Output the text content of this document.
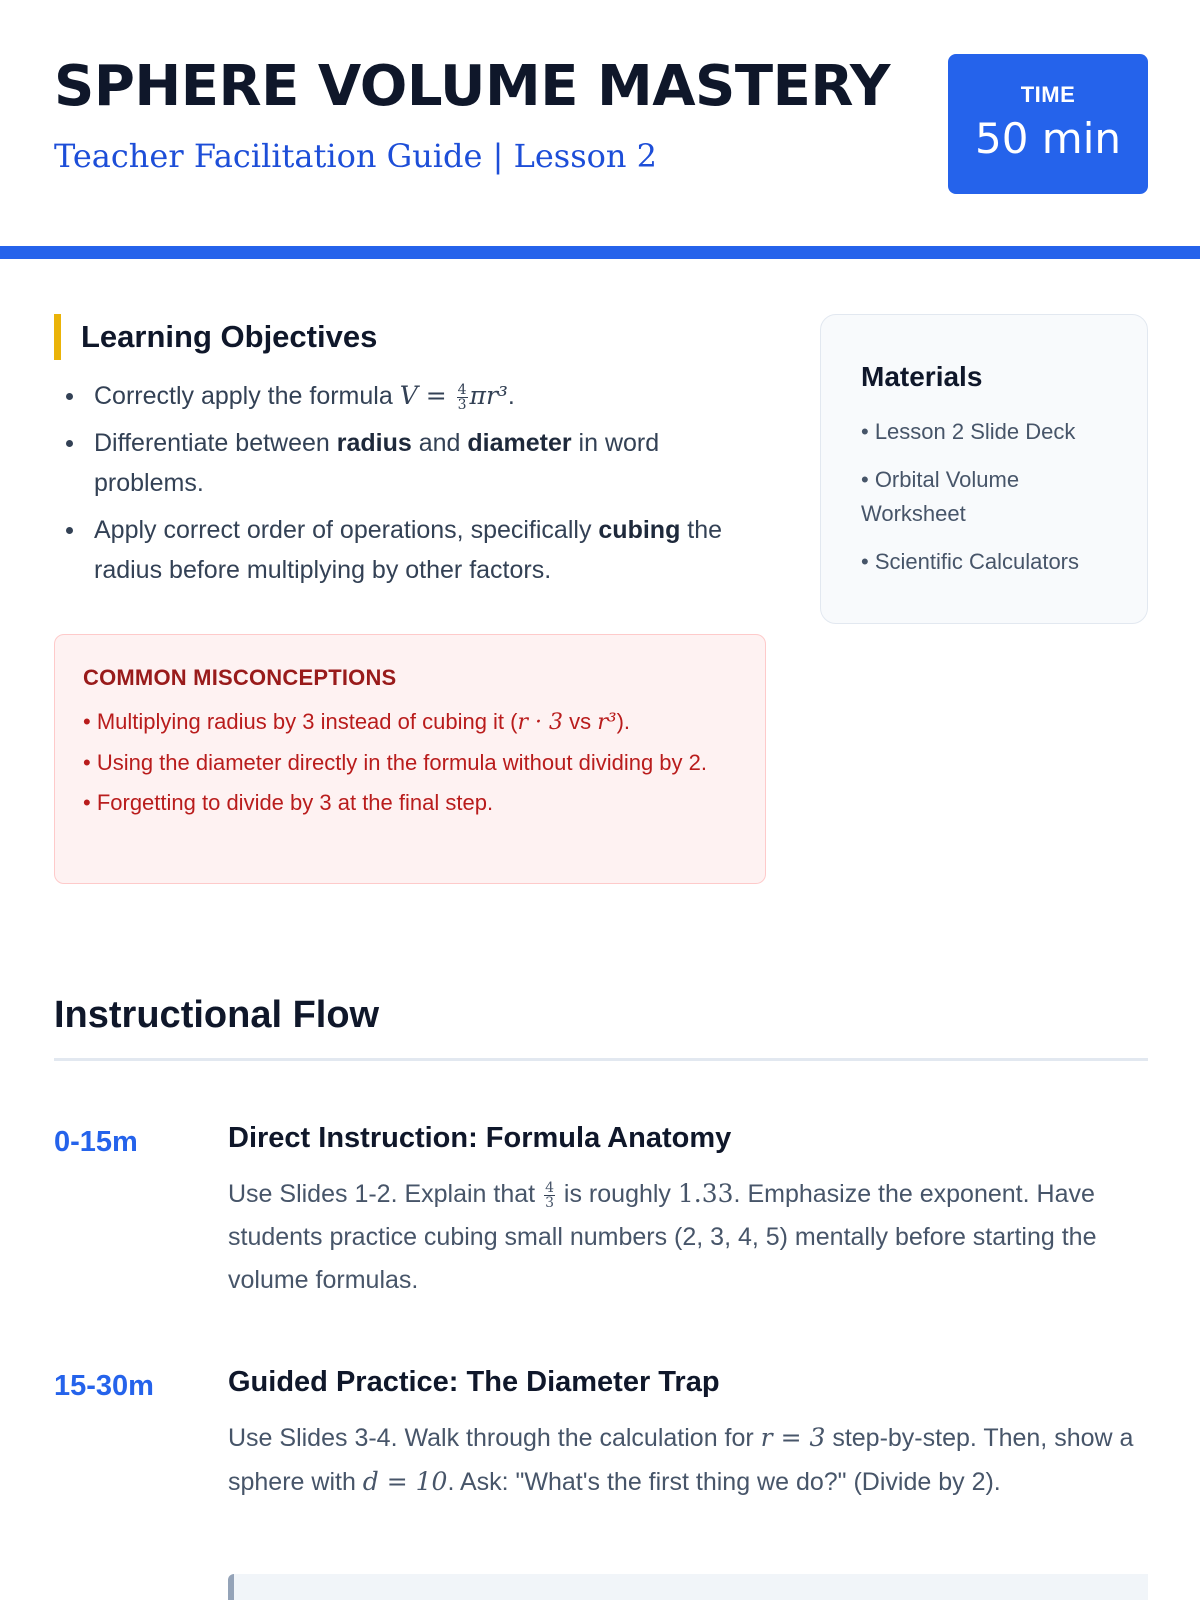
SPHERE VOLUME MASTERY
Teacher Facilitation Guide | Lesson 2
TIME
50 min
Learning Objectives
Correctly apply the formula $V = \frac{4}{3} \pi r^3$.
Differentiate between radius and diameter in word problems.
Apply correct order of operations, specifically cubing the radius before multiplying by other factors.
Materials
• Lesson 2 Slide Deck
• Orbital Volume Worksheet
• Scientific Calculators
COMMON MISCONCEPTIONS
• Multiplying radius by 3 instead of cubing it (r · 3 vs r³).
• Using the diameter directly in the formula without dividing by 2.
• Forgetting to divide by 3 at the final step.
Instructional Flow
0-15m	Direct Instruction: Formula Anatomy
Use Slides 1-2. Explain that $\frac{4}{3}$ is roughly 1.33. Emphasize the exponent. Have students practice cubing small numbers (2, 3, 4, 5) mentally before starting the volume formulas.
15-30m	Guided Practice: The Diameter Trap
Use Slides 3-4. Walk through the calculation for r = 3 step-by-step. Then, show a sphere with d = 10. Ask: "What's the first thing we do?" (Divide by 2).
